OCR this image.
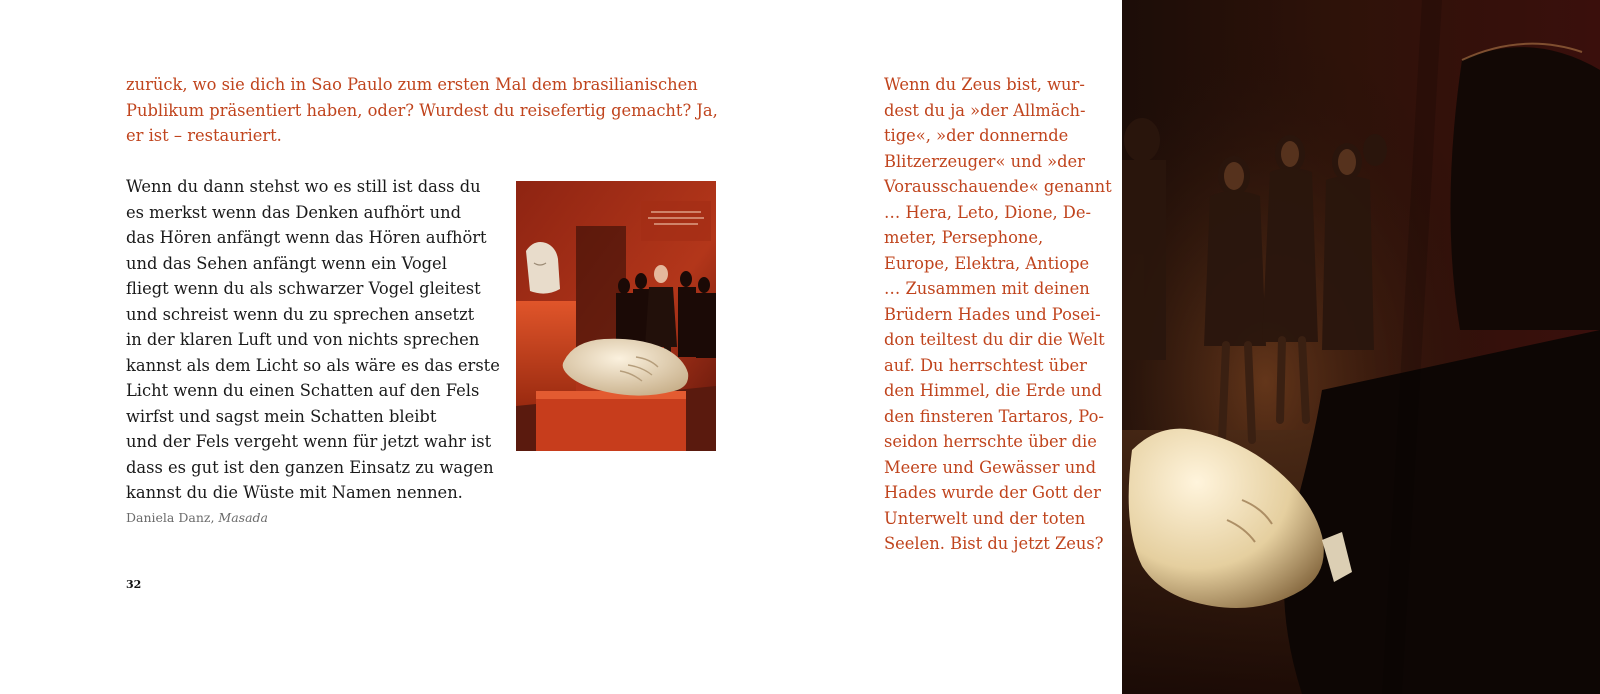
zurück, wo sie dich in Sao Paulo zum ersten Mal dem brasilianischen Publikum präsentiert haben, oder? Wurdest du reisefertig gemacht? Ja, er ist – restauriert.

Wenn du dann stehst wo es still ist dass du
es merkst wenn das Denken aufhört und
das Hören anfängt wenn das Hören aufhört
und das Sehen anfängt wenn ein Vogel
fliegt wenn du als schwarzer Vogel gleitest
und schreist wenn du zu sprechen ansetzt
in der klaren Luft und von nichts sprechen
kannst als dem Licht so als wäre es das erste
Licht wenn du einen Schatten auf den Fels
wirfst und sagst mein Schatten bleibt
und der Fels vergeht wenn für jetzt wahr ist
dass es gut ist den ganzen Einsatz zu wagen
kannst du die Wüste mit Namen nennen.

Daniela Danz, Masada

32
Wenn du Zeus bist, wur-
dest du ja »der Allmäch-
tige«, »der donnernde
Blitzerzeuger« und »der
Vorausschauende« genannt
… Hera, Leto, Dione, De-
meter, Persephone,
Europe, Elektra, Antiope
… Zusammen mit deinen
Brüdern Hades und Posei-
don teiltest du dir die Welt
auf. Du herrschtest über
den Himmel, die Erde und
den finsteren Tartaros, Po-
seidon herrschte über die
Meere und Gewässer und
Hades wurde der Gott der
Unterwelt und der toten
Seelen. Bist du jetzt Zeus?
